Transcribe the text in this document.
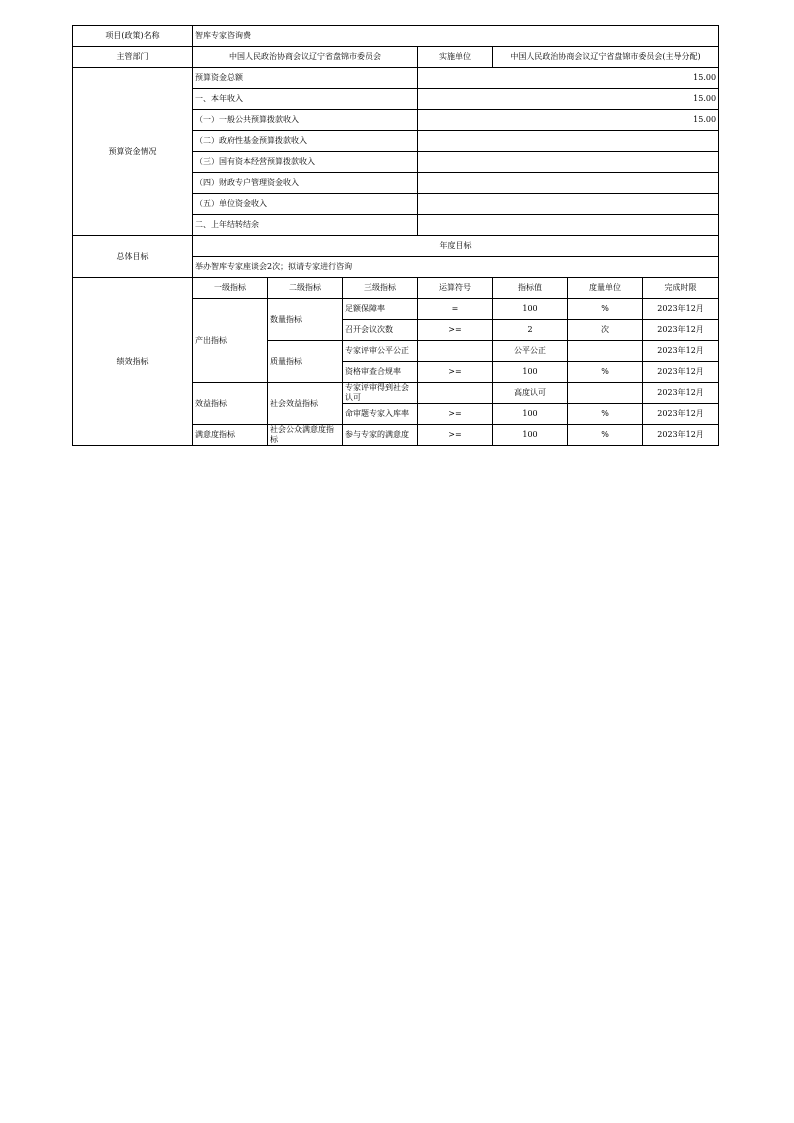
项目(政策)名称	智库专家咨询费						
主管部门	中国人民政治协商会议辽宁省盘锦市委员会			实施单位	中国人民政治协商会议辽宁省盘锦市委员会(主导分配)		
预算资金情况	预算资金总额			15.00			
	一、本年收入			15.00			
	（一）一般公共预算拨款收入			15.00			
	（二）政府性基金预算拨款收入						
	（三）国有资本经营预算拨款收入						
	（四）财政专户管理资金收入						
	（五）单位资金收入						
	二、上年结转结余						
总体目标	年度目标						
	举办智库专家座谈会2次；拟请专家进行咨询						
绩效指标	一级指标	二级指标	三级指标	运算符号	指标值	度量单位	完成时限
	产出指标	数量指标	足额保障率	=	100	%	2023年12月
			召开会议次数	>=	2	次	2023年12月
		质量指标	专家评审公平公正		公平公正		2023年12月
			资格审查合规率	>=	100	%	2023年12月
	效益指标	社会效益指标	专家评审得到社会认可		高度认可		2023年12月
			命审题专家入库率	>=	100	%	2023年12月
	满意度指标	社会公众满意度指标	参与专家的满意度	>=	100	%	2023年12月
